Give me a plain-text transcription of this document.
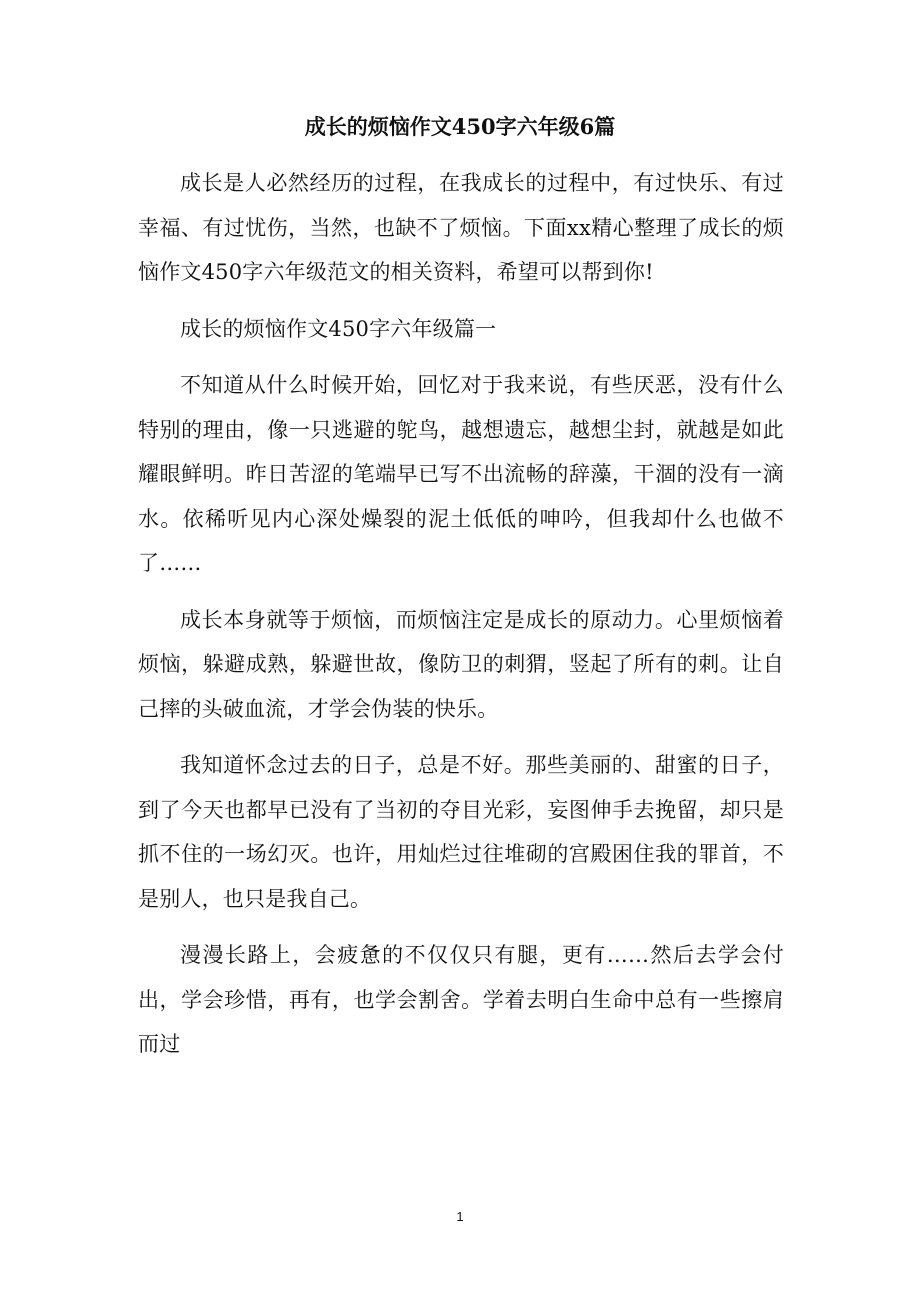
成长的烦恼作文450字六年级6篇

成长是人必然经历的过程，在我成长的过程中，有过快乐、有过幸福、有过忧伤，当然，也缺不了烦恼。下面xx精心整理了成长的烦恼作文450字六年级范文的相关资料，希望可以帮到你!

成长的烦恼作文450字六年级篇一

不知道从什么时候开始，回忆对于我来说，有些厌恶，没有什么特别的理由，像一只逃避的鸵鸟，越想遗忘，越想尘封，就越是如此耀眼鲜明。昨日苦涩的笔端早已写不出流畅的辞藻，干涸的没有一滴水。依稀听见内心深处燥裂的泥土低低的呻吟，但我却什么也做不了……

成长本身就等于烦恼，而烦恼注定是成长的原动力。心里烦恼着烦恼，躲避成熟，躲避世故，像防卫的刺猬，竖起了所有的刺。让自己摔的头破血流，才学会伪装的快乐。

我知道怀念过去的日子，总是不好。那些美丽的、甜蜜的日子，到了今天也都早已没有了当初的夺目光彩，妄图伸手去挽留，却只是抓不住的一场幻灭。也许，用灿烂过往堆砌的宫殿困住我的罪首，不是别人，也只是我自己。

漫漫长路上，会疲惫的不仅仅只有腿，更有……然后去学会付出，学会珍惜，再有，也学会割舍。学着去明白生命中总有一些擦肩而过

1
